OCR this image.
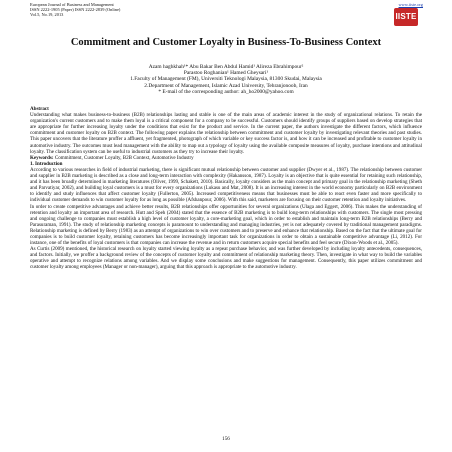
European Journal of Business and Management
ISSN 2222-1905 (Paper) ISSN 2222-2839 (Online)
Vol.5, No.19, 2013
www.iiste.org
IISTE
Commitment and Customer Loyalty in Business-To-Business Context
Azam haghkhah¹* Abu Bakar Ben Abdul Hamid¹ Alireza Ebrahimpour²
Parastoo Roghanian¹ Hamed Gheysari¹
1.Faculty of Management (FM), Universiti Teknologi Malaysia, 81300 Skudai, Malaysia
2.Department of Management, Islamic Azad University, Tehranjonoob, Iran
* E-mail of the corresponding author: ah_ho2000@yahoo.com

Abstract

Understanding what makes business-to-business (B2B) relationships lasting and stable is one of the main areas of academic interest in the study of organizational relations. To retain the organization's current customers and to make them loyal is a critical component for a company to be successful. Customers should identify groups of suppliers based on develop strategies that are appropriate for further increasing loyalty under the conditions that exist for the product and service. In the current paper, the authors investigate the different factors, which influence commitment and customer loyalty on B2B context. The following paper explains the relationship between commitment and customer loyalty by investigating relevant theories and past studies. This paper uncovers that the literature proffer a affluent, yet fragmented, photograph of which variable or key success factor is, and how it can be increased and profitable to customer loyalty in automotive industry. The outcomes must lead management with the ability to map out a typology of loyalty using the available composite measures of loyalty, purchase intentions and attitudinal loyalty. The classification system can be useful to industrial customers as they try to increase their loyalty.

Keywords: Commitment, Customer Loyalty, B2B Context, Automotive Industry

1. Introduction

According to various researches in field of industrial marketing, there is significant mutual relationship between customer and supplier (Dwyer et al., 1987). The relationship between customer and supplier in B2B marketing is described as a close and long-term interaction with complexity (Hakansson, 1987). Loyalty is an objective that is quite essential for retaining such relationship, and it has been broadly determined in marketing literatures (Oliver, 1999, Schakett, 2010). Basically, loyalty considers as the main concept and primary goal in the relationship marketing (Sheth and Parvatiyar, 2002), and building loyal customers is a must for every organizations (Lukasu and Mat, 2008). It is an increasing interest in the world economy particularly on B2B environment to identify and study influences that affect customer loyalty (Fullerton, 2005). Increased competitiveness means that businesses must be able to react even faster and more specifically to individual customer demands to win customer loyalty for as long as possible (Afshanpour, 2006). With this said, marketers are focusing on their customer retention and loyalty initiatives.

In order to create competitive advantages and achieve better results, B2B relationships offer opportunities for several organizations (Ulaga and Eggert, 2006). This makes the understanding of retention and loyalty an important area of research. Hutt and Speh (2004) stated that the essence of B2B marketing is to build long-term relationships with customers. The single most pressing and ongoing challenge to companies must establish a high level of customer loyalty, a core-marketing goal, which in order to establish and maintain long-term B2B relationships (Berry and Parasuraman, 1991). The study of relationship marketing concepts is paramount to understanding and managing industries, yet is not adequately covered by traditional management paradigms. Relationship marketing is defined by Berry (1983) as an attempt of organizations to win over customers and to preserve and enhance that relationship. Based on the fact that the ultimate goal for companies is to build customer loyalty, retaining customers has become increasingly important task for organizations in order to obtain a sustainable competitive advantage (Li, 2012). For instance, one of the benefits of loyal customers is that companies can increase the revenue and in return customers acquire special benefits and feel secure (Dixon-Woods et al., 2005).

As Curtis (2009) mentioned, the historical research on loyalty started viewing loyalty as a repeat purchase behavior, and was further developed by including loyalty antecedents, consequences, and factors. Initially, we proffer a background review of the concepts of customer loyalty and commitment of relationship marketing theory. Then, investigate in what way to build the variables operative and attempt to recognize relations among variables. And we display some conclusions and make suggestions for management. Consequently, this paper utilizes commitment and customer loyalty among employees (Manager or non-manager), arguing that this approach is appropriate to the automotive industry.

156
